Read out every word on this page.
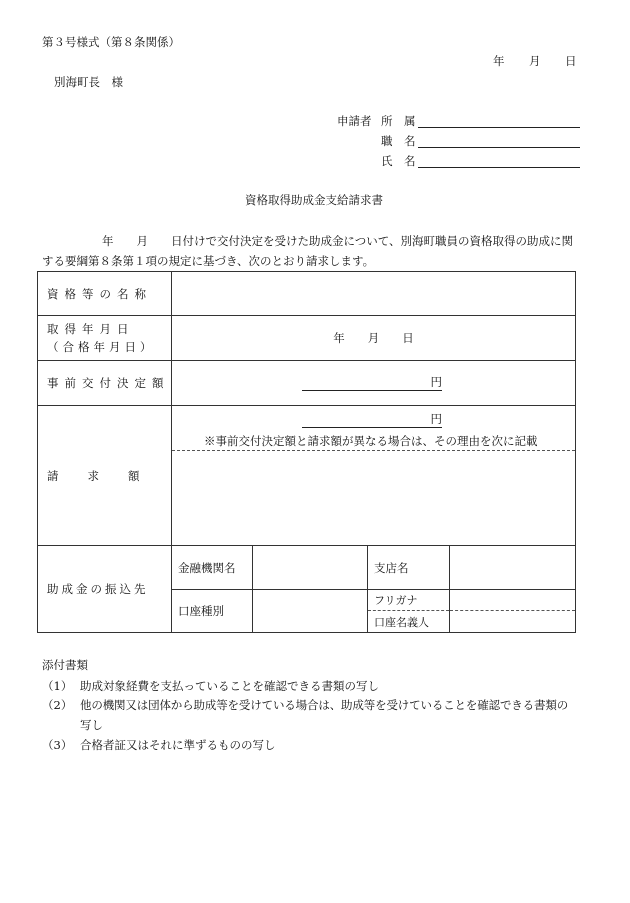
第３号様式（第８条関係）
年 月 日
別海町長　様
申請者 所　属
職　名
氏　名
資格取得助成金支給請求書
年　　月　　日付けで交付決定を受けた助成金について、別海町職員の資格取得の助成に関
する要綱第８条第１項の規定に基づき、次のとおり請求します。
資格等の名称				

取得年月日
（合格年月日）	年　　月　　日			
事前交付決定額	円			

請　　求　　額	円
※事前交付決定額と請求額が異なる場合は、その理由を次に記載			

助成金の振込先	金融機関名		支店名	
	口座種別		フリガナ	
			口座名義人	
添付書類
（1） 助成対象経費を支払っていることを確認できる書類の写し
（2） 他の機関又は団体から助成等を受けている場合は、助成等を受けていることを確認できる書類の
写し
（3） 合格者証又はそれに準ずるものの写し
